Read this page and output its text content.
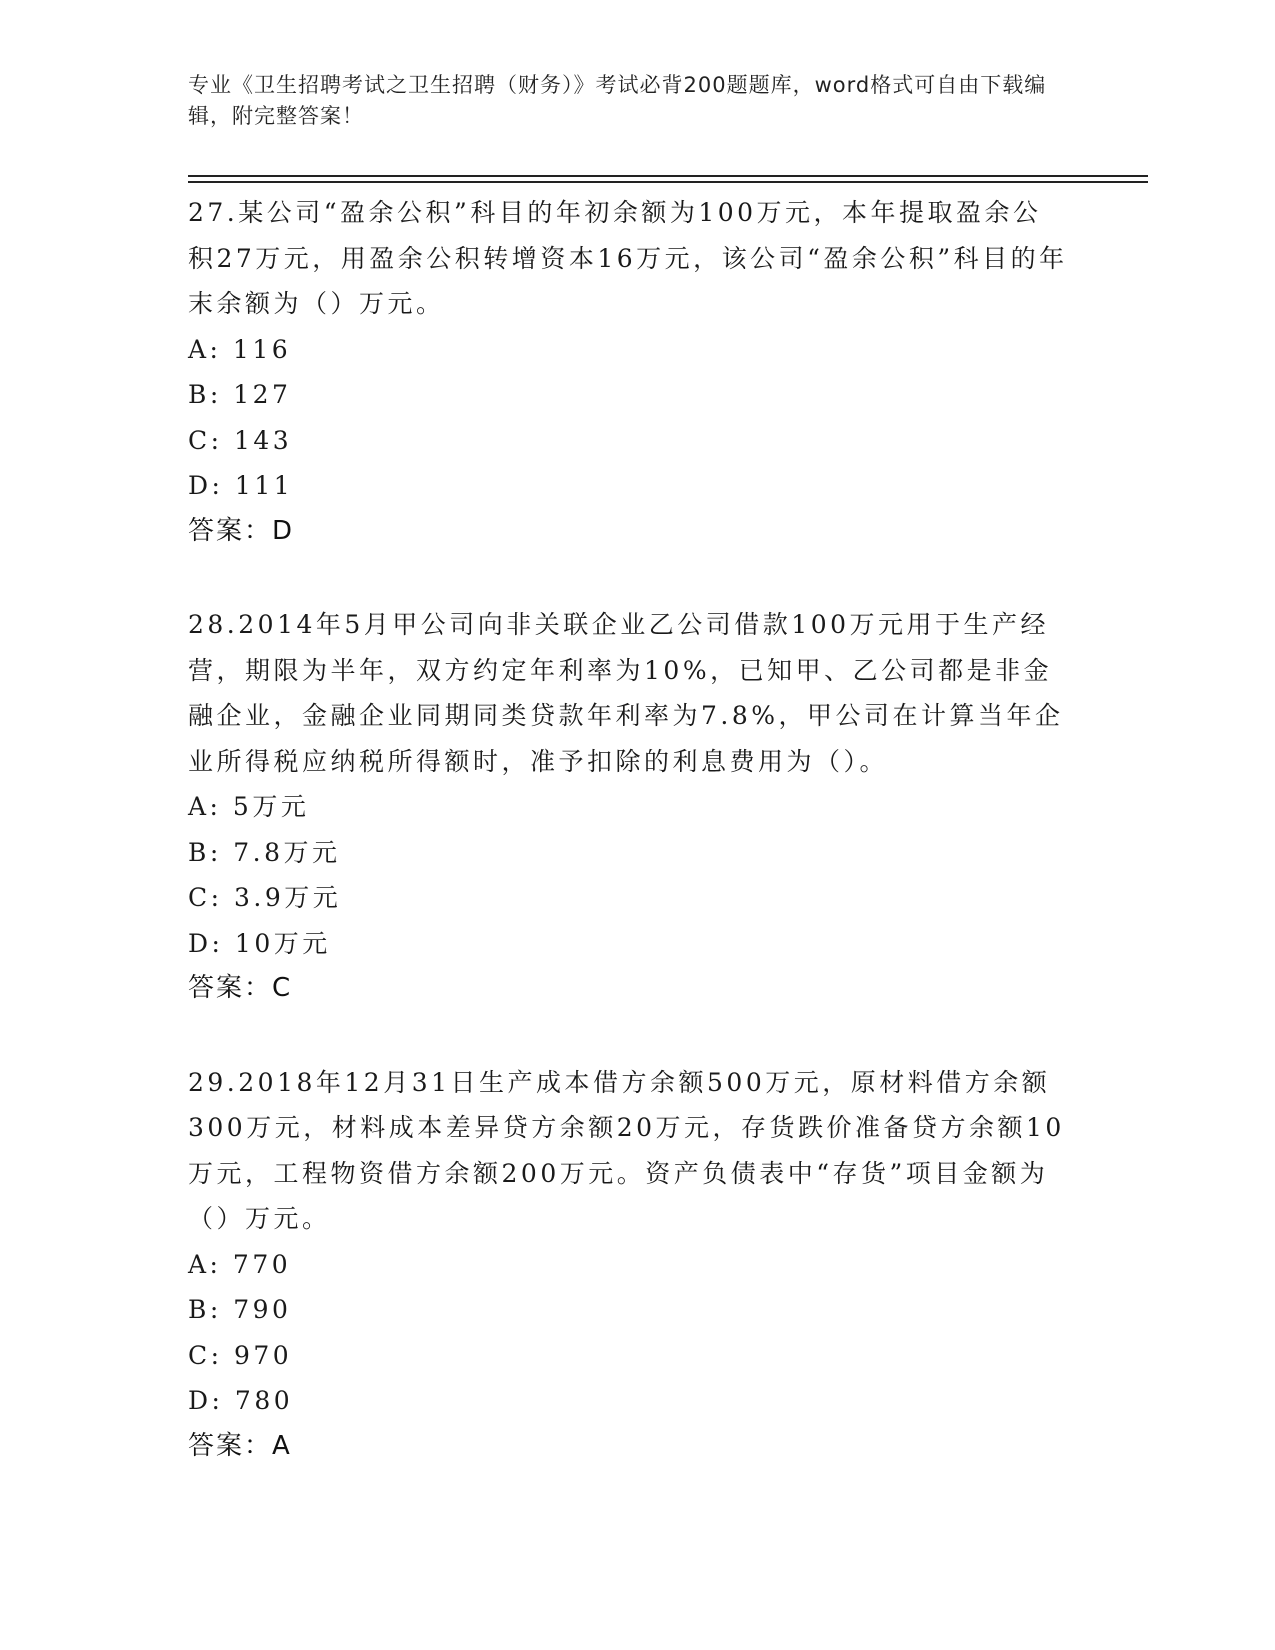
专业《卫生招聘考试之卫生招聘（财务）》考试必背200题题库，word格式可自由下载编辑，附完整答案！

27.某公司“盈余公积”科目的年初余额为100万元，本年提取盈余公积27万元，用盈余公积转增资本16万元，该公司“盈余公积”科目的年末余额为（）万元。

A: 116
B: 127
C: 143
D: 111
答案：D

28.2014年5月甲公司向非关联企业乙公司借款100万元用于生产经营，期限为半年，双方约定年利率为10%，已知甲、乙公司都是非金融企业，金融企业同期同类贷款年利率为7.8%，甲公司在计算当年企业所得税应纳税所得额时，准予扣除的利息费用为（）。

A: 5万元
B: 7.8万元
C: 3.9万元
D: 10万元
答案：C

29.2018年12月31日生产成本借方余额500万元，原材料借方余额300万元，材料成本差异贷方余额20万元，存货跌价准备贷方余额10万元，工程物资借方余额200万元。资产负债表中“存货”项目金额为（）万元。

A: 770
B: 790
C: 970
D: 780
答案：A
